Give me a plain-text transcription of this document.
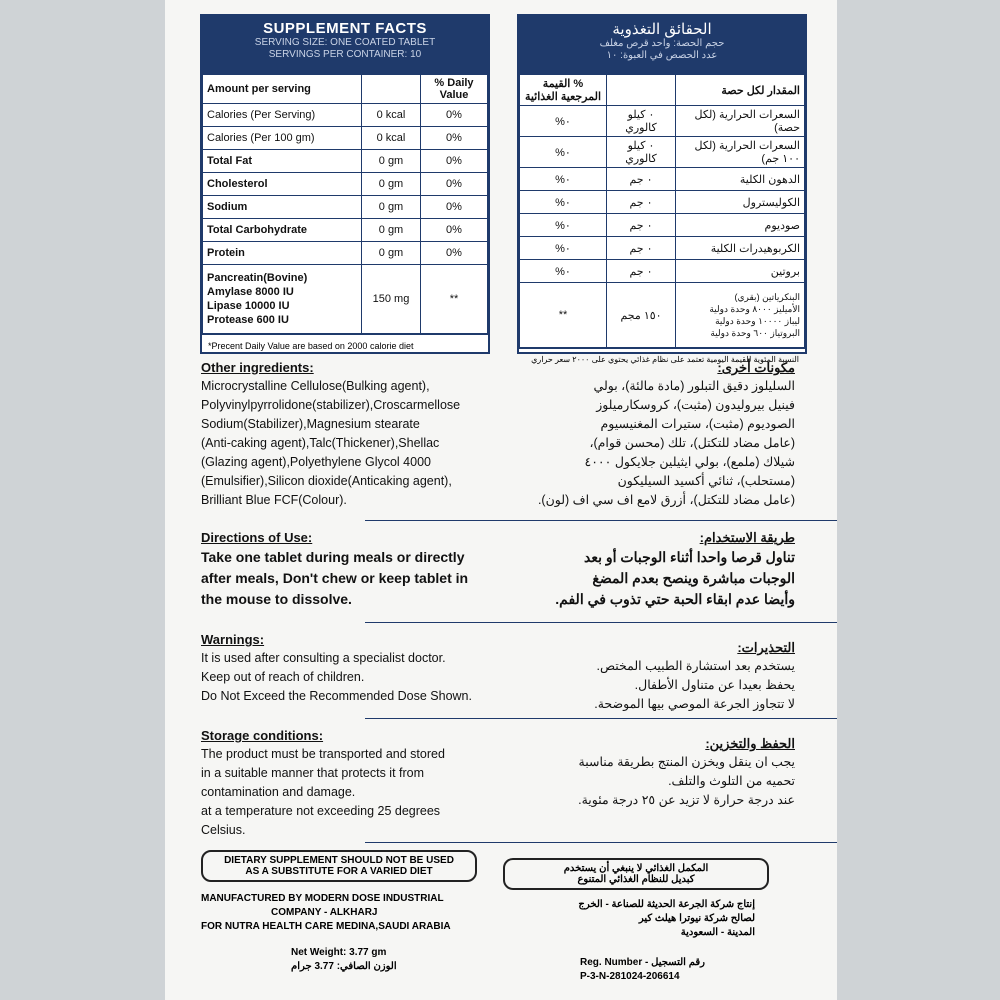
SUPPLEMENT FACTS
SERVING SIZE: ONE COATED TABLET
SERVINGS PER CONTAINER: 10
Amount per serving		% Daily Value
Calories (Per Serving)	0 kcal	0%
Calories (Per 100 gm)	0 kcal	0%
Total Fat	0 gm	0%
Cholesterol	0 gm	0%
Sodium	0 gm	0%
Total Carbohydrate	0 gm	0%
Protein	0 gm	0%

Pancreatin(Bovine)
Amylase 8000 IU
Lipase 10000 IU
Protease 600 IU	150 mg	**
*Precent Daily Value are based on 2000 calorie diet
الحقائق التغذوية
حجم الحصة: واحد قرص مغلف
عدد الحصص في العبوة: ١٠
المقدار لكل حصة		% القيمة المرجعية الغذائية
السعرات الحرارية (لكل حصة)	٠ كيلو كالوري	٠%
السعرات الحرارية (لكل ١٠٠ جم)	٠ كيلو كالوري	٠%
الدهون الكلية	٠ جم	٠%
الكوليسترول	٠ جم	٠%
صوديوم	٠ جم	٠%
الكربوهيدرات الكلية	٠ جم	٠%
بروتين	٠ جم	٠%

البنكرياتين (بقري)
الأميليز ٨٠٠٠ وحدة دولية
ليباز ١٠٠٠٠ وحدة دولية
البروتياز ٦٠٠ وحدة دولية	١٥٠ مجم	**
النسبة المئوية للقيمة اليومية تعتمد على نظام غذائي يحتوي على ٢٠٠٠ سعر حراري
Other ingredients:
Microcrystalline Cellulose(Bulking agent),
Polyvinylpyrrolidone(stabilizer),Croscarmellose
Sodium(Stabilizer),Magnesium stearate
(Anti-caking agent),Talc(Thickener),Shellac
(Glazing agent),Polyethylene Glycol 4000
(Emulsifier),Silicon dioxide(Anticaking agent),
Brilliant Blue FCF(Colour).
مكونات أخرى:
السليلوز دقيق التبلور (مادة مالئة)، بولي
فينيل بيروليدون (مثبت)، كروسكارميلوز
الصوديوم (مثبت)، ستيرات المغنيسيوم
(عامل مضاد للتكتل)، تلك (محسن قوام)،
شيلاك (ملمع)، بولي ايثيلين جلايكول ٤٠٠٠
(مستحلب)، ثنائي أكسيد السيليكون
(عامل مضاد للتكتل)، أزرق لامع اف سي اف (لون).
Directions of Use:
Take one tablet during meals or directly
after meals, Don't chew or keep tablet in
the mouse to dissolve.
طريقة الاستخدام:
تناول قرصا واحدا أثناء الوجبات أو بعد
الوجبات مباشرة وينصح بعدم المضغ
وأيضا عدم ابقاء الحبة حتي تذوب في الفم.
Warnings:
It is used after consulting a specialist doctor.
Keep out of reach of children.
Do Not Exceed the Recommended Dose Shown.
التحذيرات:
يستخدم بعد استشارة الطبيب المختص.
يحفظ بعيدا عن متناول الأطفال.
لا تتجاوز الجرعة الموصي بيها الموضحة.
Storage conditions:
The product must be transported and stored
in a suitable manner that protects it from
contamination and damage.
at a temperature not exceeding 25 degrees
Celsius.
الحفظ والتخزين:
يجب ان ينقل ويخزن المنتج بطريقة مناسبة
تحميه من التلوث والتلف.
عند درجة حرارة لا تزيد عن ٢٥ درجة مئوية.
DIETARY SUPPLEMENT SHOULD NOT BE USED
AS A SUBSTITUTE FOR A VARIED DIET	المكمل الغذائي لا ينبغي أن يستخدم
كبديل للنظام الغذائي المتنوع
MANUFACTURED BY MODERN DOSE INDUSTRIAL
COMPANY - ALKHARJ
FOR NUTRA HEALTH CARE MEDINA,SAUDI ARABIA
إنتاج شركة الجرعة الحديثة للصناعة - الخرج
لصالح شركة نيوترا هيلث كير
المدينة - السعودية
Net Weight: 3.77 gm
الوزن الصافي: 3.77 جرام	Reg. Number - رقم التسجيل
P-3-N-281024-206614
